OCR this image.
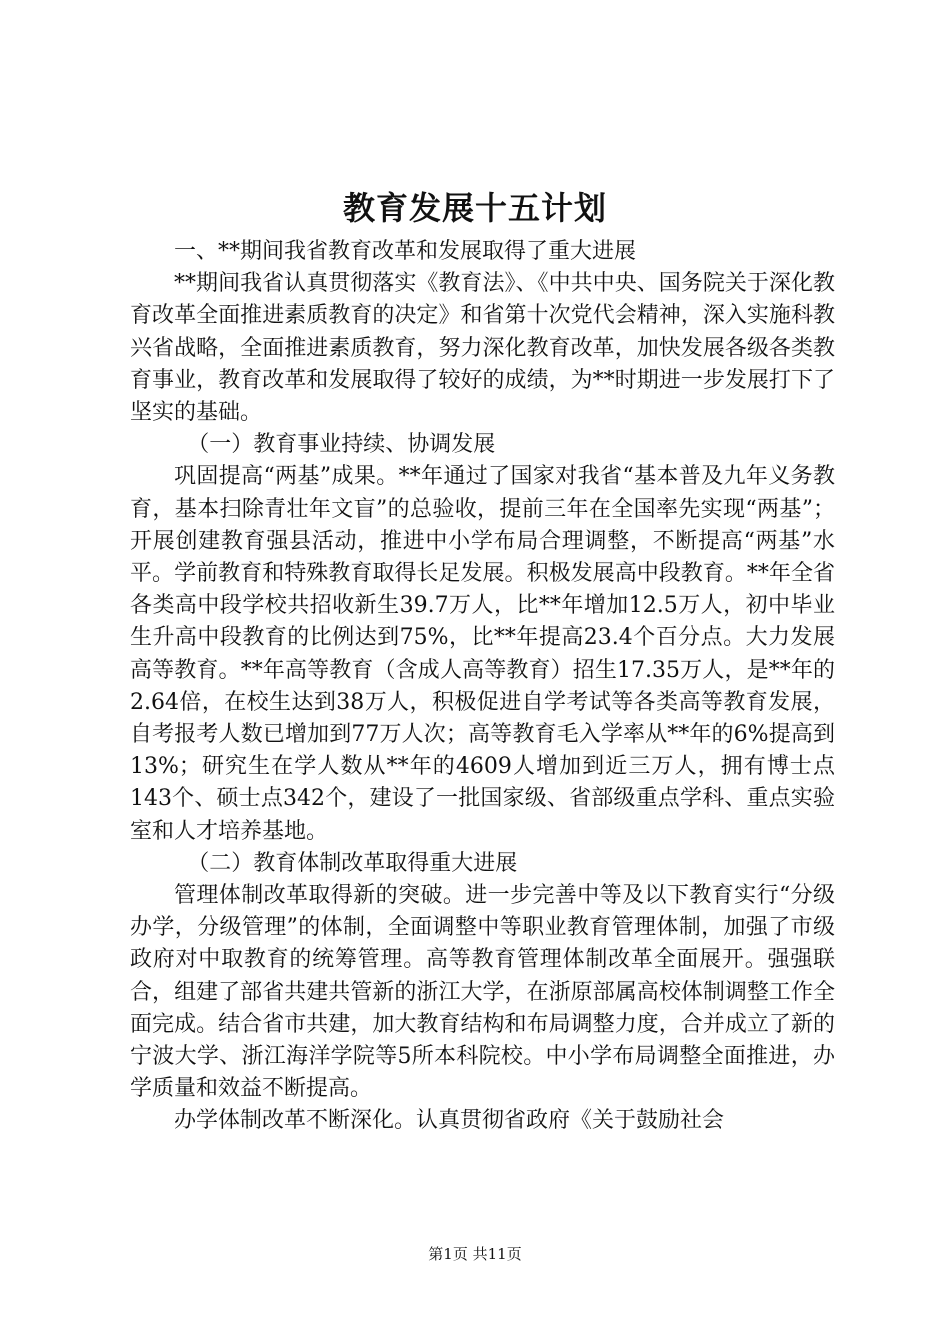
教育发展十五计划

一、**期间我省教育改革和发展取得了重大进展

**期间我省认真贯彻落实《教育法》、《中共中央、国务院关于深化教育改革全面推进素质教育的决定》和省第十次党代会精神，深入实施科教兴省战略，全面推进素质教育，努力深化教育改革，加快发展各级各类教育事业，教育改革和发展取得了较好的成绩，为**时期进一步发展打下了坚实的基础。

（一）教育事业持续、协调发展

巩固提高“两基”成果。**年通过了国家对我省“基本普及九年义务教育，基本扫除青壮年文盲”的总验收，提前三年在全国率先实现“两基”；开展创建教育强县活动，推进中小学布局合理调整，不断提高“两基”水平。学前教育和特殊教育取得长足发展。积极发展高中段教育。**年全省各类高中段学校共招收新生39.7万人，比**年增加12.5万人，初中毕业生升高中段教育的比例达到75%，比**年提高23.4个百分点。大力发展高等教育。**年高等教育（含成人高等教育）招生17.35万人，是**年的2.64倍，在校生达到38万人，积极促进自学考试等各类高等教育发展，自考报考人数已增加到77万人次；高等教育毛入学率从**年的6%提高到13%；研究生在学人数从**年的4609人增加到近三万人，拥有博士点143个、硕士点342个，建设了一批国家级、省部级重点学科、重点实验室和人才培养基地。

（二）教育体制改革取得重大进展

管理体制改革取得新的突破。进一步完善中等及以下教育实行“分级办学，分级管理”的体制，全面调整中等职业教育管理体制，加强了市级政府对中取教育的统筹管理。高等教育管理体制改革全面展开。强强联合，组建了部省共建共管新的浙江大学，在浙原部属高校体制调整工作全面完成。结合省市共建，加大教育结构和布局调整力度，合并成立了新的宁波大学、浙江海洋学院等5所本科院校。中小学布局调整全面推进，办学质量和效益不断提高。

办学体制改革不断深化。认真贯彻省政府《关于鼓励社会

第1页 共11页
